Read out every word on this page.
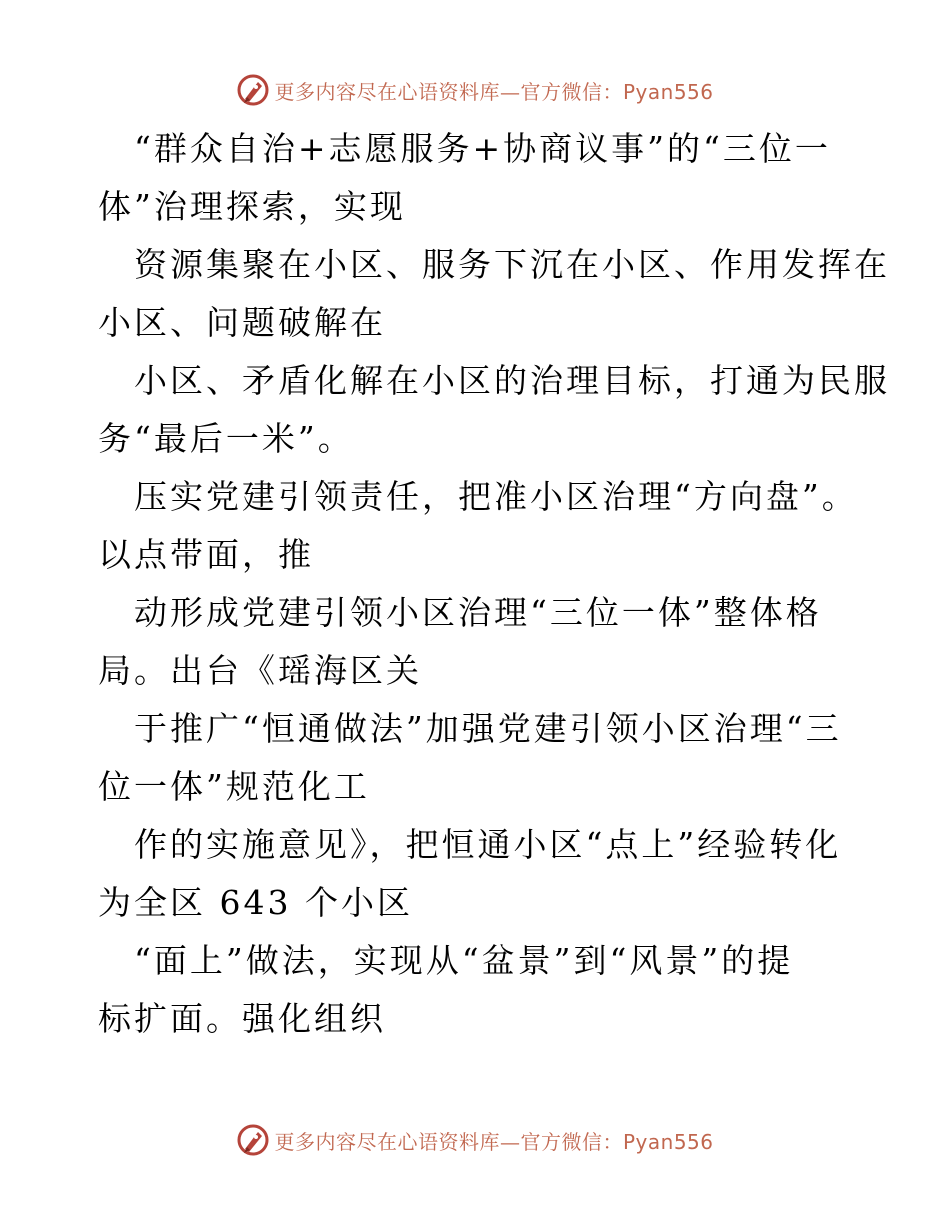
更多内容尽在心语资料库—官方微信：Pyan556
“群众自治+志愿服务+协商议事”的“三位一
体”治理探索，实现
资源集聚在小区、服务下沉在小区、作用发挥在
小区、问题破解在
小区、矛盾化解在小区的治理目标，打通为民服
务“最后一米”。
压实党建引领责任，把准小区治理“方向盘”。
以点带面，推
动形成党建引领小区治理“三位一体”整体格
局。出台《瑶海区关
于推广“恒通做法”加强党建引领小区治理“三
位一体”规范化工
作的实施意见》，把恒通小区“点上”经验转化
为全区 643 个小区
“面上”做法，实现从“盆景”到“风景”的提
标扩面。强化组织
更多内容尽在心语资料库—官方微信：Pyan556
